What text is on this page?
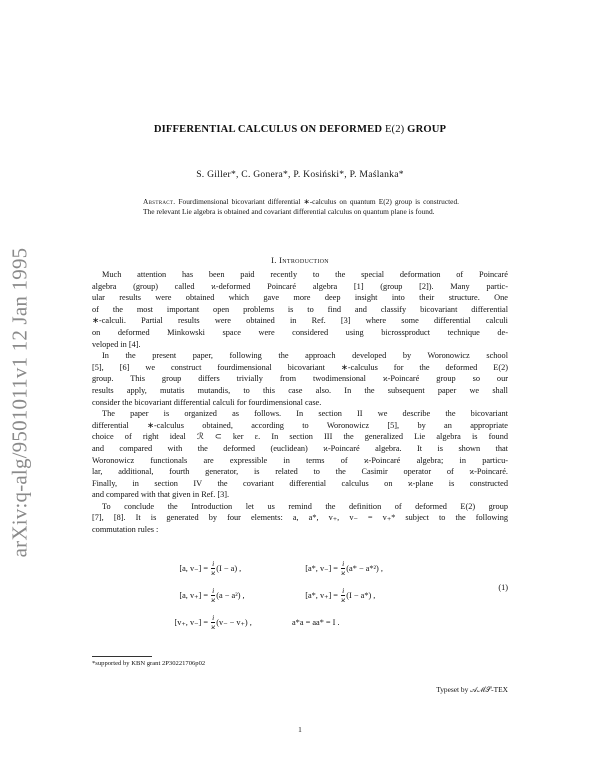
arXiv:q-alg/9501011v1 12 Jan 1995
DIFFERENTIAL CALCULUS ON DEFORMED E(2) GROUP
S. Giller*, C. Gonera*, P. Kosiński*, P. Maślanka*
Abstract. Fourdimensional bicovariant differential ∗-calculus on quantum E(2) group is constructed. The relevant Lie algebra is obtained and covariant differential calculus on quantum plane is found.
I. Introduction
Much attention has been paid recently to the special deformation of Poincaré
algebra (group) called ϰ-deformed Poincaré algebra [1] (group [2]). Many partic-
ular results were obtained which gave more deep insight into their structure. One
of the most important open problems is to find and classify bicovariant differential
∗-calculi. Partial results were obtained in Ref. [3] where some differential calculi
on deformed Minkowski space were considered using bicrossproduct technique de-
veloped in [4].
In the present paper, following the approach developed by Woronowicz school
[5], [6] we construct fourdimensional bicovariant ∗-calculus for the deformed E(2)
group. This group differs trivially from twodimensional ϰ-Poincaré group so our
results apply, mutatis mutandis, to this case also. In the subsequent paper we shall
consider the bicovariant differential calculi for fourdimensional case.
The paper is organized as follows. In section II we describe the bicovariant
differential ∗-calculus obtained, according to Woronowicz [5], by an appropriate
choice of right ideal ℛ ⊂ ker ε. In section III the generalized Lie algebra is found
and compared with the deformed (euclidean) ϰ-Poincaré algebra. It is shown that
Woronowicz functionals are expressible in terms of ϰ-Poincaré algebra; in particu-
lar, additional, fourth generator, is related to the Casimir operator of ϰ-Poincaré.
Finally, in section IV the covariant differential calculus on ϰ-plane is constructed
and compared with that given in Ref. [3].
To conclude the Introduction let us remind the definition of deformed E(2) group
[7], [8]. It is generated by four elements: a, a*, v₊, v₋ = v₊* subject to the following
commutation rules :
[a, $v_-] = \frac{i}{ϰ} (I - a)$ ,	[a*, $v_-] = \frac{i}{ϰ} (a* - a*^2)$ ,
[a, $v_+] = \frac{i}{ϰ} (a - a^2)$ ,	[a*, $v_+] = \frac{i}{ϰ} (I - a*)$ ,
[v₊, $v_-] = \frac{i}{ϰ} (v_- - v_+)$ ,	a*a = aa* = I .
(1)
*supported by KBN grant 2P30221706p02
Typeset by 𝒜ℳ𝒮-TEX
1
